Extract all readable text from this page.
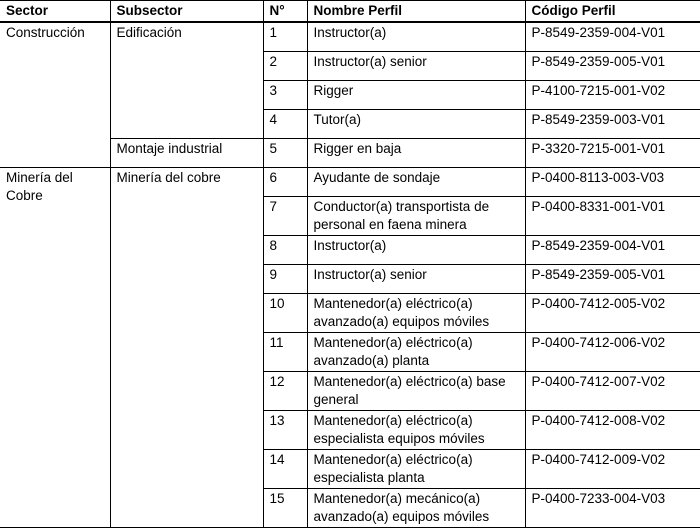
Sector	Subsector	N°	Nombre Perfil	Código Perfil
Construcción	Edificación	1	Instructor(a)	P-8549-2359-004-V01
		2	Instructor(a) senior	P-8549-2359-005-V01
		3	Rigger	P-4100-7215-001-V02
		4	Tutor(a)	P-8549-2359-003-V01
	Montaje industrial	5	Rigger en baja	P-3320-7215-001-V01
Minería del Cobre	Minería del cobre	6	Ayudante de sondaje	P-0400-8113-003-V03
		7	Conductor(a) transportista de personal en faena minera	P-0400-8331-001-V01
		8	Instructor(a)	P-8549-2359-004-V01
		9	Instructor(a) senior	P-8549-2359-005-V01
		10	Mantenedor(a) eléctrico(a) avanzado(a) equipos móviles	P-0400-7412-005-V02
		11	Mantenedor(a) eléctrico(a) avanzado(a) planta	P-0400-7412-006-V02
		12	Mantenedor(a) eléctrico(a) base general	P-0400-7412-007-V02
		13	Mantenedor(a) eléctrico(a) especialista equipos móviles	P-0400-7412-008-V02
		14	Mantenedor(a) eléctrico(a) especialista planta	P-0400-7412-009-V02
		15	Mantenedor(a) mecánico(a) avanzado(a) equipos móviles	P-0400-7233-004-V03
